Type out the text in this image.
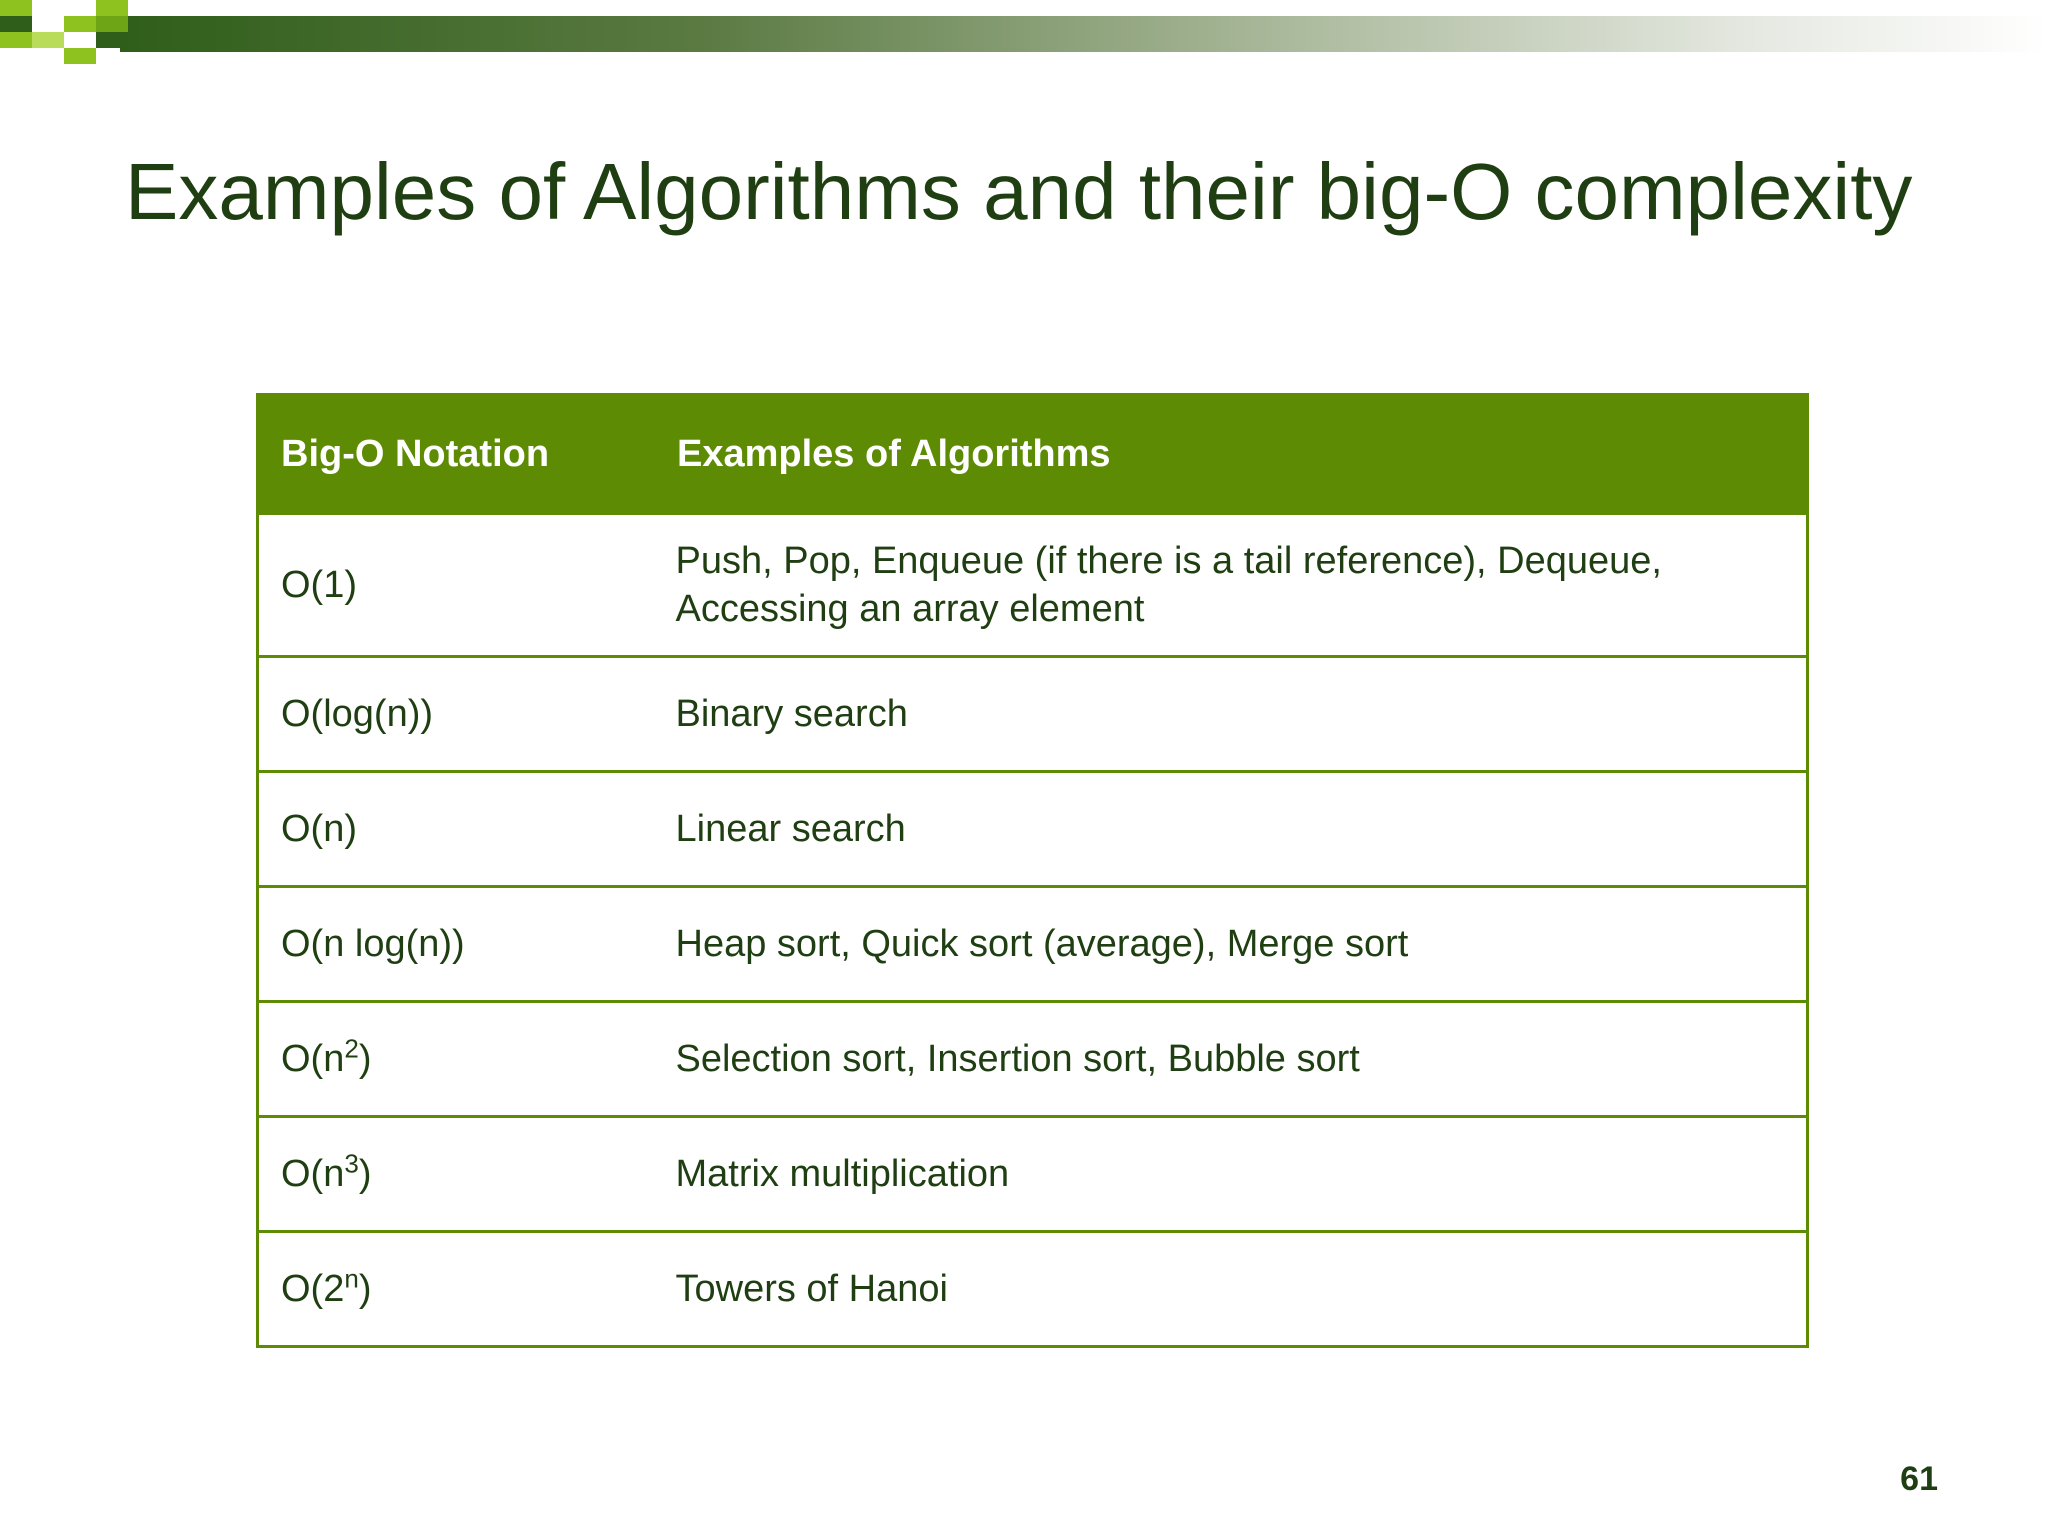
Examples of Algorithms and their big-O complexity
Big-O Notation	Examples of Algorithms
O(1)	Push, Pop, Enqueue (if there is a tail reference), Dequeue, Accessing an array element
O(log(n))	Binary search
O(n)	Linear search
O(n log(n))	Heap sort, Quick sort (average), Merge sort
$O(n^2)$	Selection sort, Insertion sort, Bubble sort
$O(n^3)$	Matrix multiplication
O(2$^n$)	Towers of Hanoi
61
